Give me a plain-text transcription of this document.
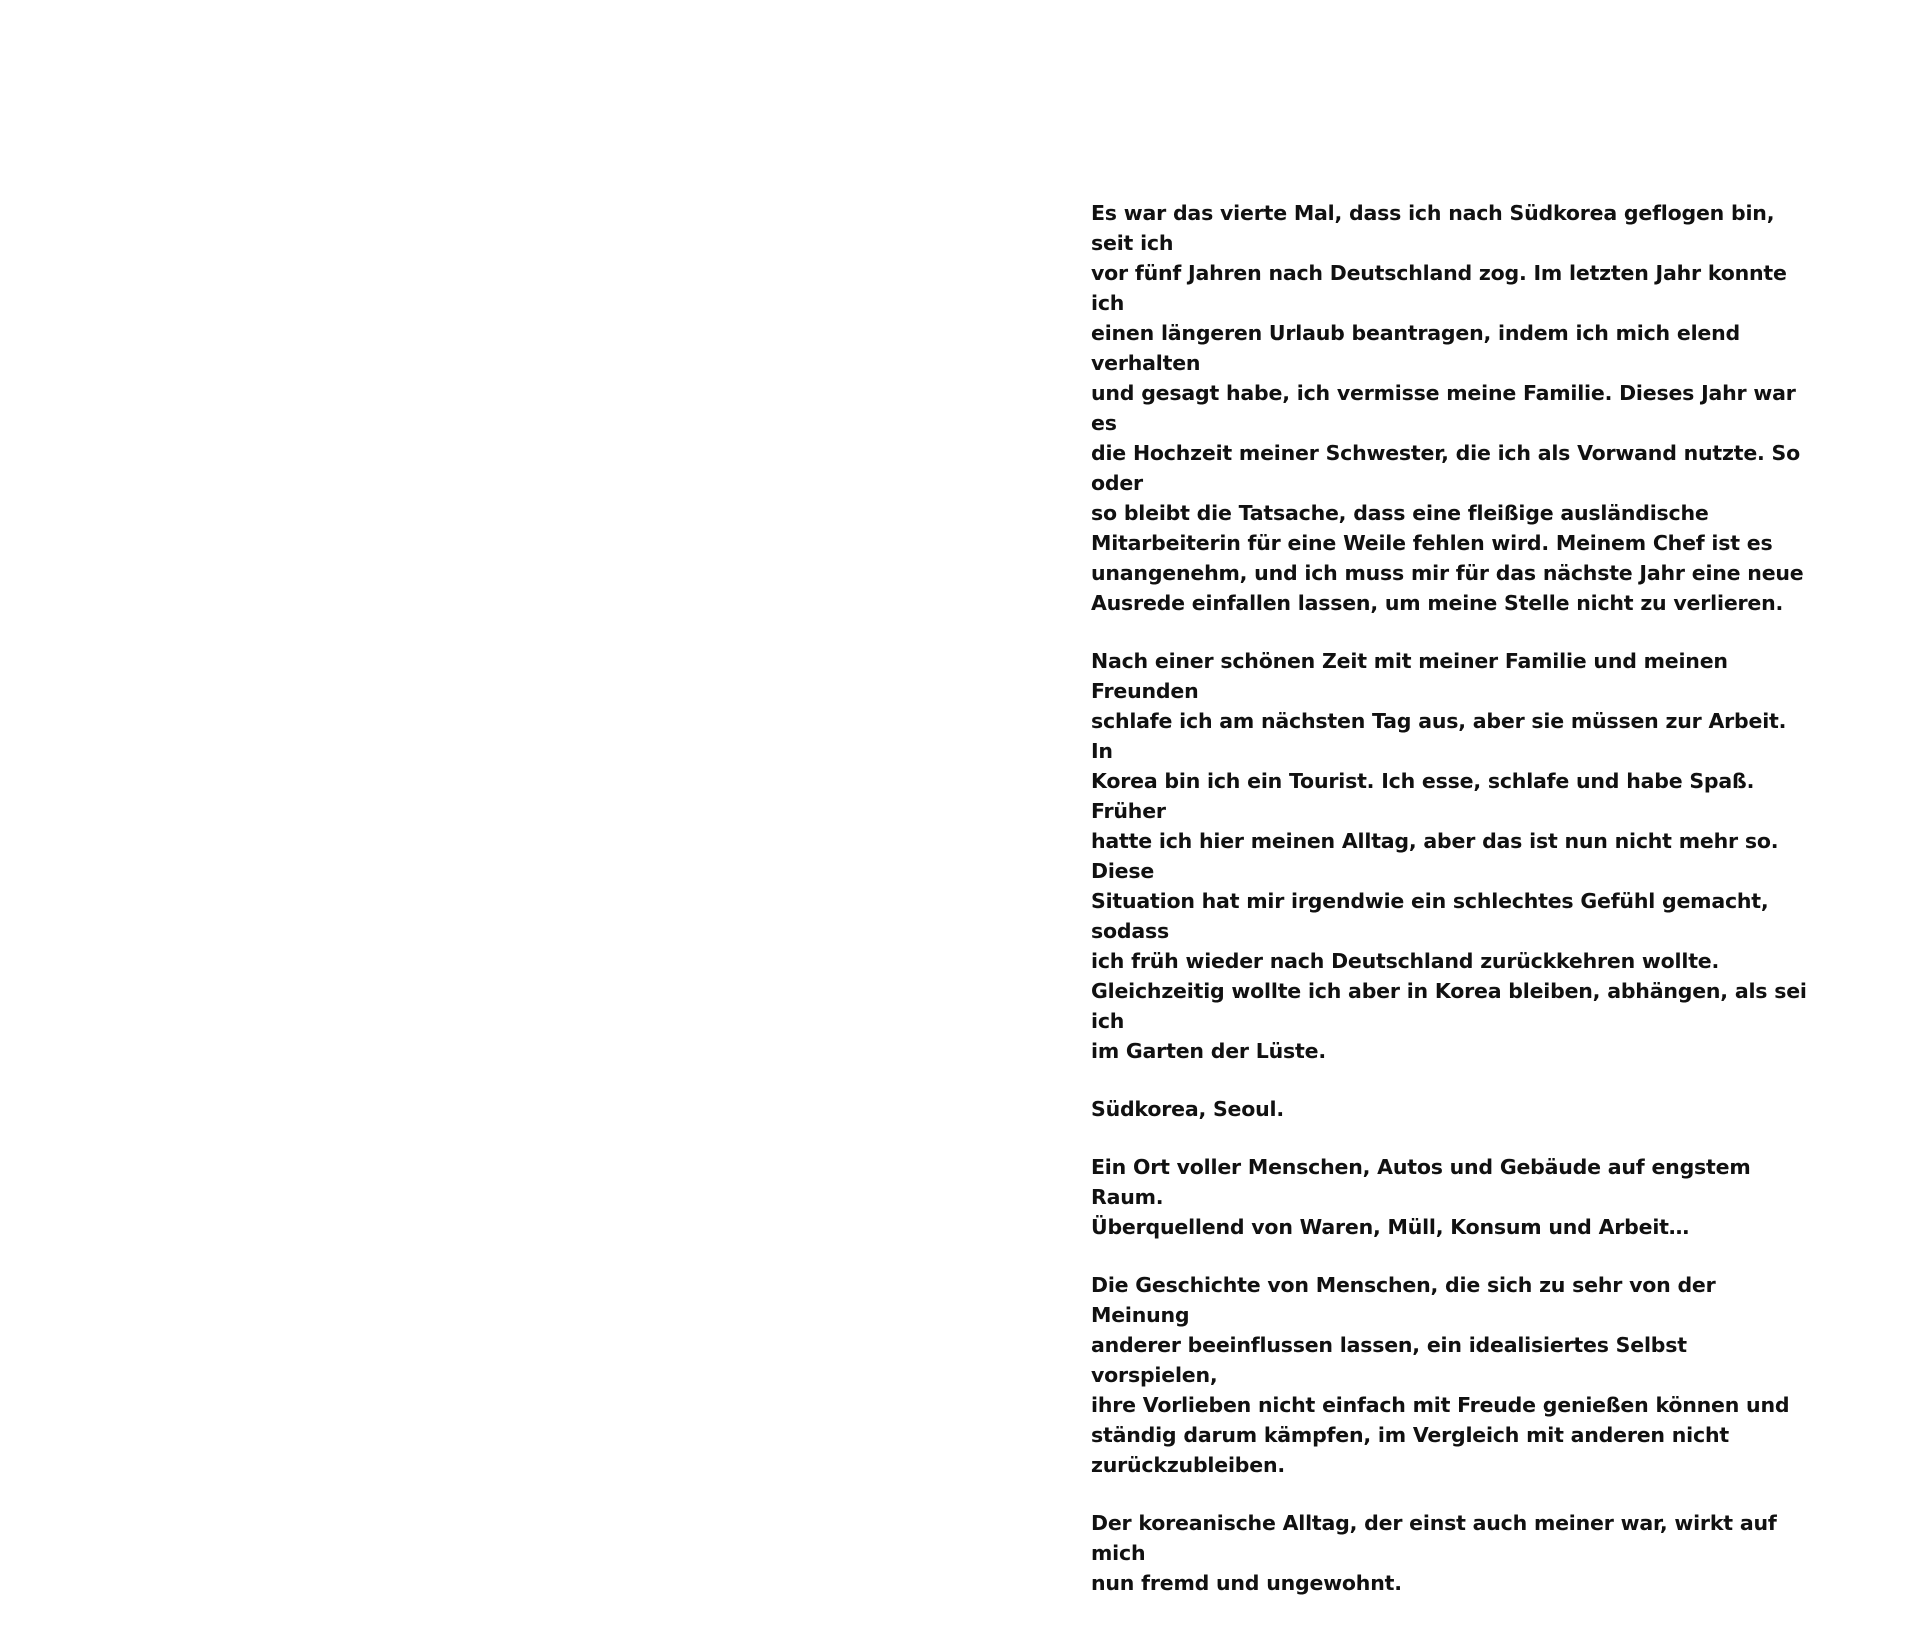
Es war das vierte Mal, dass ich nach Südkorea geflogen bin, seit ich
vor fünf Jahren nach Deutschland zog. Im letzten Jahr konnte ich
einen längeren Urlaub beantragen, indem ich mich elend verhalten
und gesagt habe, ich vermisse meine Familie. Dieses Jahr war es
die Hochzeit meiner Schwester, die ich als Vorwand nutzte. So oder
so bleibt die Tatsache, dass eine fleißige ausländische
Mitarbeiterin für eine Weile fehlen wird. Meinem Chef ist es
unangenehm, und ich muss mir für das nächste Jahr eine neue
Ausrede einfallen lassen, um meine Stelle nicht zu verlieren.

Nach einer schönen Zeit mit meiner Familie und meinen Freunden
schlafe ich am nächsten Tag aus, aber sie müssen zur Arbeit. In
Korea bin ich ein Tourist. Ich esse, schlafe und habe Spaß. Früher
hatte ich hier meinen Alltag, aber das ist nun nicht mehr so. Diese
Situation hat mir irgendwie ein schlechtes Gefühl gemacht, sodass
ich früh wieder nach Deutschland zurückkehren wollte.
Gleichzeitig wollte ich aber in Korea bleiben, abhängen, als sei ich
im Garten der Lüste.

Südkorea, Seoul.

Ein Ort voller Menschen, Autos und Gebäude auf engstem Raum.
Überquellend von Waren, Müll, Konsum und Arbeit…

Die Geschichte von Menschen, die sich zu sehr von der Meinung
anderer beeinflussen lassen, ein idealisiertes Selbst vorspielen,
ihre Vorlieben nicht einfach mit Freude genießen können und
ständig darum kämpfen, im Vergleich mit anderen nicht
zurückzubleiben.

Der koreanische Alltag, der einst auch meiner war, wirkt auf mich
nun fremd und ungewohnt.
